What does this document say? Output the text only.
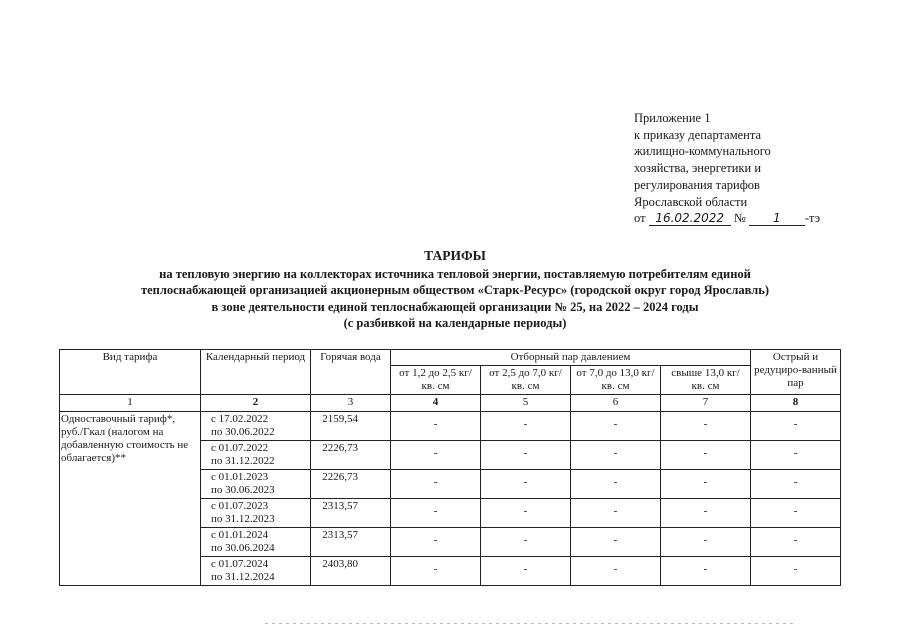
Приложение 1
к приказу департамента
жилищно-коммунального
хозяйства, энергетики и
регулирования тарифов
Ярославской области
от 16.02.2022 № 1 -тэ
ТАРИФЫ
на тепловую энергию на коллекторах источника тепловой энергии, поставляемую потребителям единой
теплоснабжающей организацией акционерным обществом «Старк-Ресурс» (городской округ город Ярославль)
в зоне деятельности единой теплоснабжающей организации № 25, на 2022 – 2024 годы
(с разбивкой на календарные периоды)
Вид тарифа	Календарный период	Горячая вода	Отборный пар давлением				Острый и редуциро-ванный пар
			от 1,2 до 2,5 кг/ кв. см	от 2,5 до 7,0 кг/ кв. см	от 7,0 до 13,0 кг/кв. см	свыше 13,0 кг/ кв. см	
1	2	3	4	5	6	7	8
Одноставочный тариф*, руб./Гкал (налогом на добавленную стоимость не облагается)**	с 17.02.2022
по 30.06.2022	2159,54	-	-	-	-	-

	с 01.07.2022
по 31.12.2022	2226,73	-	-	-	-	-

	с 01.01.2023
по 30.06.2023	2226,73	-	-	-	-	-

	с 01.07.2023
по 31.12.2023	2313,57	-	-	-	-	-

	с 01.01.2024
по 30.06.2024	2313,57	-	-	-	-	-

	с 01.07.2024
по 31.12.2024	2403,80	-	-	-	-	-
